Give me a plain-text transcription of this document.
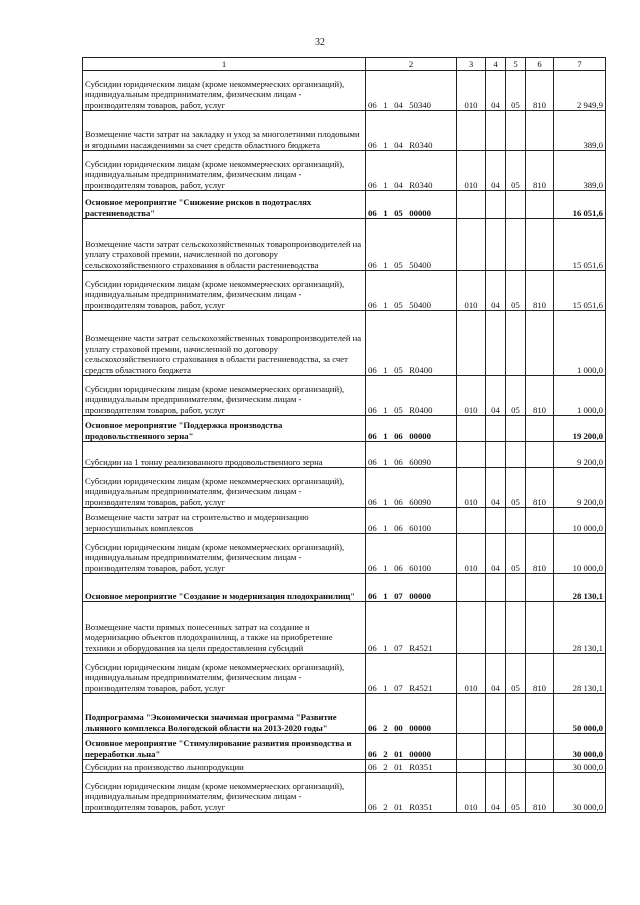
32
1	2	3	4	5	6	7
Субсидии юридическим лицам (кроме некоммерческих организаций), индивидуальным предпринимателям, физическим лицам - производителям товаров, работ, услуг	06   1   04   50340	010	04	05	810	2 949,9
Возмещение части затрат на закладку и уход за многолетними плодовыми и ягодными насаждениями за счет средств областного бюджета	06   1   04   R0340					389,0
Субсидии юридическим лицам (кроме некоммерческих организаций), индивидуальным предпринимателям, физическим лицам - производителям товаров, работ, услуг	06   1   04   R0340	010	04	05	810	389,0
Основное мероприятие "Снижение рисков в подотраслях растениеводства"	06   1   05   00000					16 051,6
Возмещение части затрат сельскохозяйственных товаропроизводителей на уплату страховой премии, начисленной по договору сельскохозяйственного страхования в области растениеводства	06   1   05   50400					15 051,6
Субсидии юридическим лицам (кроме некоммерческих организаций), индивидуальным предпринимателям, физическим лицам - производителям товаров, работ, услуг	06   1   05   50400	010	04	05	810	15 051,6
Возмещение части затрат сельскохозяйственных товаропроизводителей на уплату страховой премии, начисленной по договору сельскохозяйственного страхования в области растениеводства, за счет средств областного бюджета	06   1   05   R0400					1 000,0
Субсидии юридическим лицам (кроме некоммерческих организаций), индивидуальным предпринимателям, физическим лицам - производителям товаров, работ, услуг	06   1   05   R0400	010	04	05	810	1 000,0
Основное мероприятие "Поддержка производства продовольственного зерна"	06   1   06   00000					19 200,0
Субсидии на 1 тонну реализованного продовольственного зерна	06   1   06   60090					9 200,0
Субсидии юридическим лицам (кроме некоммерческих организаций), индивидуальным предпринимателям, физическим лицам - производителям товаров, работ, услуг	06   1   06   60090	010	04	05	810	9 200,0
Возмещение части затрат на строительство и модернизацию зерносушильных комплексов	06   1   06   60100					10 000,0
Субсидии юридическим лицам (кроме некоммерческих организаций), индивидуальным предпринимателям, физическим лицам - производителям товаров, работ, услуг	06   1   06   60100	010	04	05	810	10 000,0
Основное мероприятие "Создание и модернизация плодохранилищ"	06   1   07   00000					28 130,1
Возмещение части прямых понесенных затрат на создание и модернизацию объектов плодохранилищ, а также на приобретение техники и оборудования на цели предоставления субсидий	06   1   07   R4521					28 130,1
Субсидии юридическим лицам (кроме некоммерческих организаций), индивидуальным предпринимателям, физическим лицам - производителям товаров, работ, услуг	06   1   07   R4521	010	04	05	810	28 130,1
Подпрограмма "Экономически значимая программа "Развитие льняного комплекса Вологодской области на 2013-2020 годы"	06   2   00   00000					50 000,0
Основное мероприятие "Стимулирование развития производства и переработки льна"	06   2   01   00000					30 000,0
Субсидии на производство льнопродукции	06   2   01   R0351					30 000,0
Субсидии юридическим лицам (кроме некоммерческих организаций), индивидуальным предпринимателям, физическим лицам - производителям товаров, работ, услуг	06   2   01   R0351	010	04	05	810	30 000,0
